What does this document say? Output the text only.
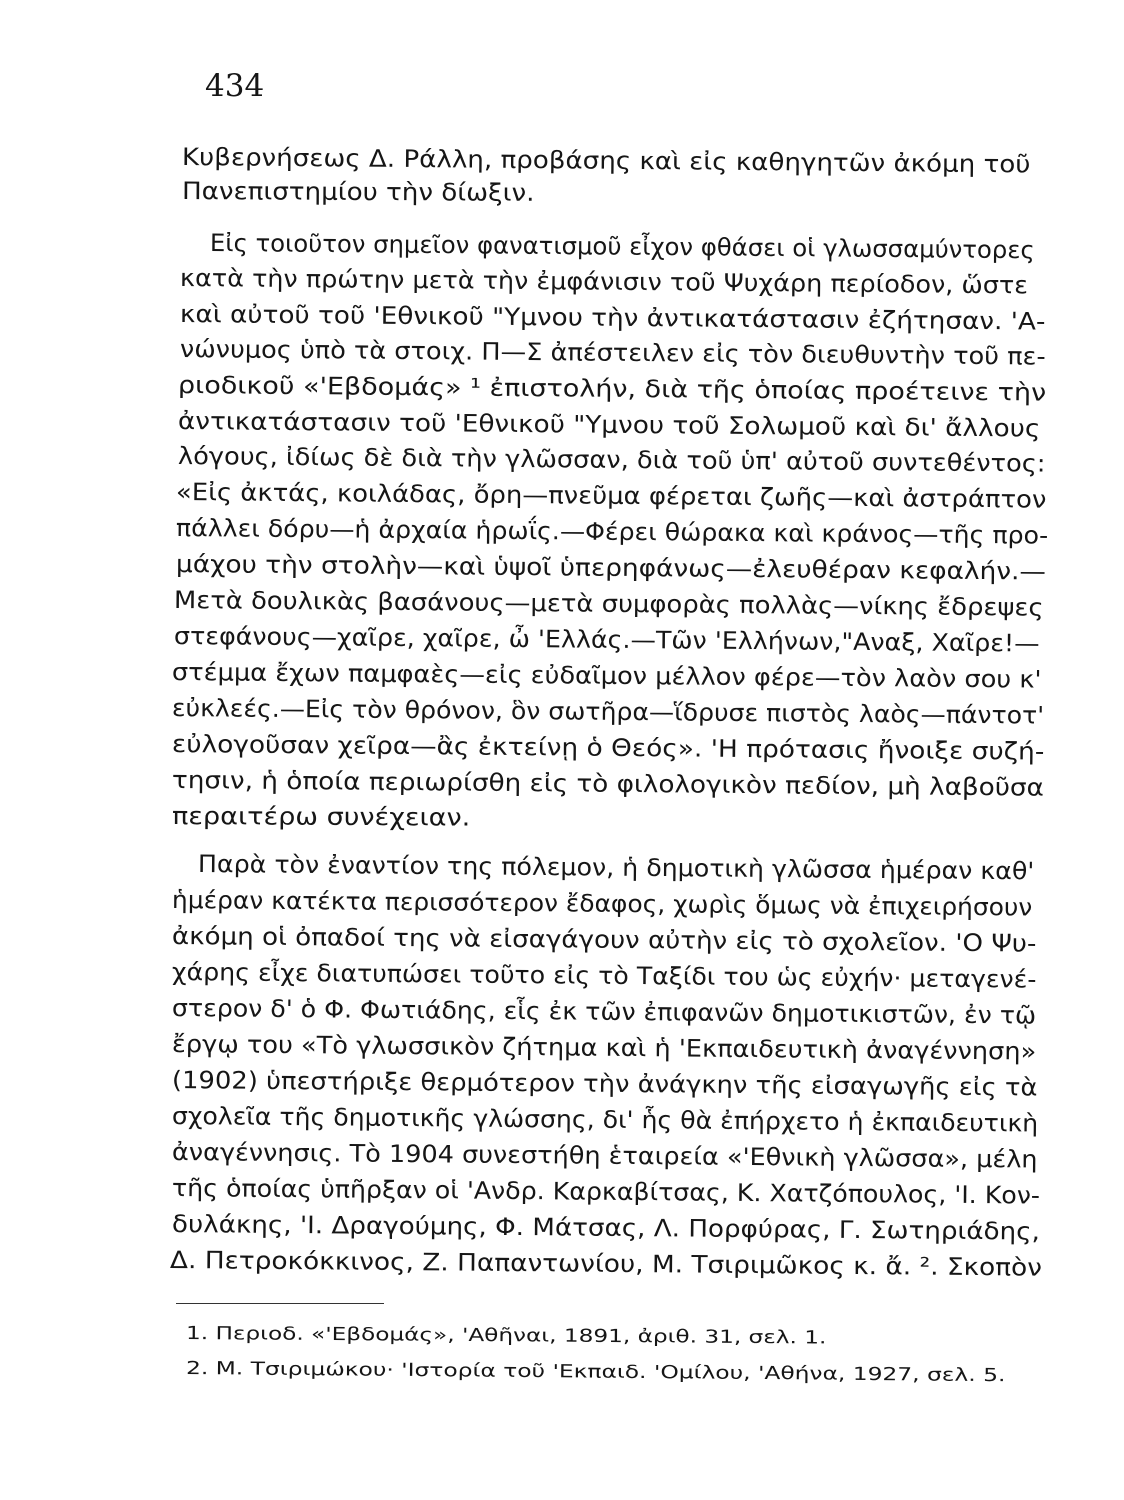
434
Κυβερνήσεως Δ. Ράλλη, προβάσης καὶ εἰς καθηγητῶν ἀκόμη τοῦ
Πανεπιστημίου τὴν δίωξιν.
Εἰς τοιοῦτον σημεῖον φανατισμοῦ εἶχον φθάσει οἱ γλωσσαμύντορες
κατὰ τὴν πρώτην μετὰ τὴν ἐμφάνισιν τοῦ Ψυχάρη περίοδον, ὥστε
καὶ αὐτοῦ τοῦ 'Εθνικοῦ "Υμνου τὴν ἀντικατάστασιν ἐζήτησαν. 'Α-
νώνυμος ὑπὸ τὰ στοιχ. Π—Σ ἀπέστειλεν εἰς τὸν διευθυντὴν τοῦ πε-
ριοδικοῦ «'Εβδομάς» ¹ ἐπιστολήν, διὰ τῆς ὁποίας προέτεινε τὴν
ἀντικατάστασιν τοῦ 'Εθνικοῦ "Υμνου τοῦ Σολωμοῦ καὶ δι' ἄλλους
λόγους, ἰδίως δὲ διὰ τὴν γλῶσσαν, διὰ τοῦ ὑπ' αὐτοῦ συντεθέντος:
«Εἰς ἀκτάς, κοιλάδας, ὄρη—πνεῦμα φέρεται ζωῆς—καὶ ἀστράπτον
πάλλει δόρυ—ἡ ἀρχαία ἡρωΐς.—Φέρει θώρακα καὶ κράνος—τῆς προ-
μάχου τὴν στολὴν—καὶ ὑψοῖ ὑπερηφάνως—ἐλευθέραν κεφαλήν.—
Μετὰ δουλικὰς βασάνους—μετὰ συμφορὰς πολλὰς—νίκης ἔδρεψες
στεφάνους—χαῖρε, χαῖρε, ὦ 'Ελλάς.—Τῶν 'Ελλήνων,"Αναξ, Χαῖρε!—
στέμμα ἔχων παμφαὲς—εἰς εὐδαῖμον μέλλον φέρε—τὸν λαὸν σου κ'
εὐκλεές.—Εἰς τὸν θρόνον, ὃν σωτῆρα—ἵδρυσε πιστὸς λαὸς—πάντοτ'
εὐλογοῦσαν χεῖρα—ἂς ἐκτείνῃ ὁ Θεός». 'Η πρότασις ἤνοιξε συζή-
τησιν, ἡ ὁποία περιωρίσθη εἰς τὸ φιλολογικὸν πεδίον, μὴ λαβοῦσα
περαιτέρω συνέχειαν.
Παρὰ τὸν ἐναντίον της πόλεμον, ἡ δημοτικὴ γλῶσσα ἡμέραν καθ'
ἡμέραν κατέκτα περισσότερον ἔδαφος, χωρὶς ὅμως νὰ ἐπιχειρήσουν
ἀκόμη οἱ ὀπαδοί της νὰ εἰσαγάγουν αὐτὴν εἰς τὸ σχολεῖον. 'Ο Ψυ-
χάρης εἶχε διατυπώσει τοῦτο εἰς τὸ Ταξίδι του ὡς εὐχήν· μεταγενέ-
στερον δ' ὁ Φ. Φωτιάδης, εἷς ἐκ τῶν ἐπιφανῶν δημοτικιστῶν, ἐν τῷ
ἔργῳ του «Τὸ γλωσσικὸν ζήτημα καὶ ἡ 'Εκπαιδευτικὴ ἀναγέννηση»
(1902) ὑπεστήριξε θερμότερον τὴν ἀνάγκην τῆς εἰσαγωγῆς εἰς τὰ
σχολεῖα τῆς δημοτικῆς γλώσσης, δι' ἧς θὰ ἐπήρχετο ἡ ἐκπαιδευτικὴ
ἀναγέννησις. Τὸ 1904 συνεστήθη ἑταιρεία «'Εθνικὴ γλῶσσα», μέλη
τῆς ὁποίας ὑπῆρξαν οἱ 'Ανδρ. Καρκαβίτσας, Κ. Χατζόπουλος, 'Ι. Κον-
δυλάκης, 'Ι. Δραγούμης, Φ. Μάτσας, Λ. Πορφύρας, Γ. Σωτηριάδης,
Δ. Πετροκόκκινος, Ζ. Παπαντωνίου, Μ. Τσιριμῶκος κ. ἄ. ². Σκοπὸν
1. Περιοδ. «'Εβδομάς», 'Αθῆναι, 1891, ἀριθ. 31, σελ. 1.
2. Μ. Τσιριμώκου· 'Ιστορία τοῦ 'Εκπαιδ. 'Ομίλου, 'Αθήνα, 1927, σελ. 5.
